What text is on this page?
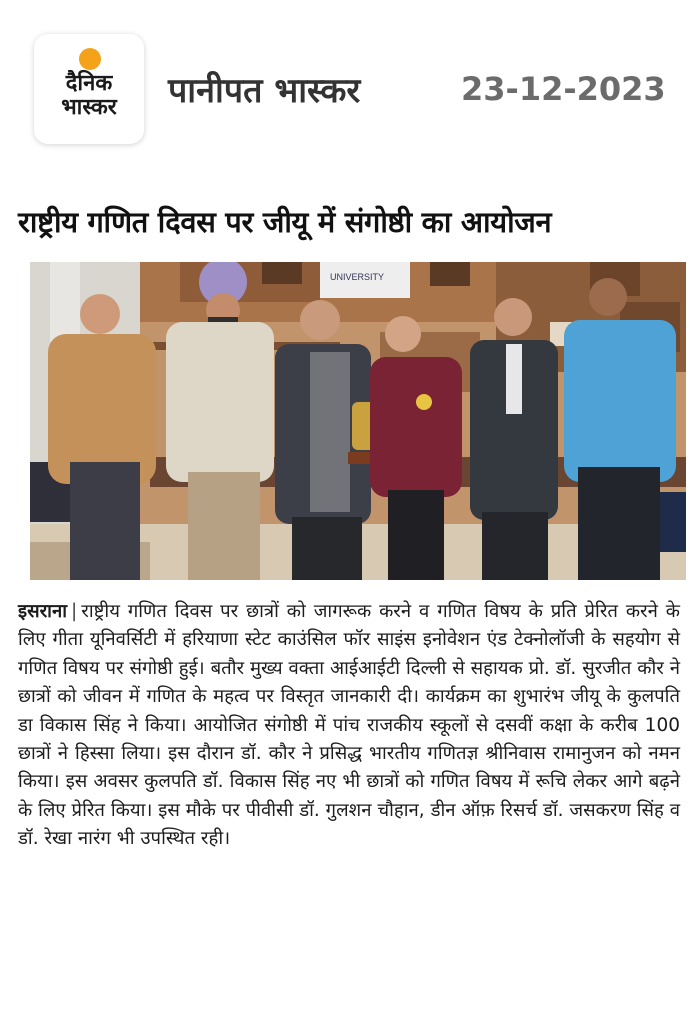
दैनिक
भास्कर	पानीपत भास्कर	23-12-2023
राष्ट्रीय गणित दिवस पर जीयू में संगोष्ठी का आयोजन
UNIVERSITY
इसराना | राष्ट्रीय गणित दिवस पर छात्रों को जागरूक करने व गणित विषय के प्रति प्रेरित करने के लिए गीता यूनिवर्सिटी में हरियाणा स्टेट काउंसिल फॉर साइंस इनोवेशन एंड टेक्नोलॉजी के सहयोग से गणित विषय पर संगोष्ठी हुई। बतौर मुख्य वक्ता आईआईटी दिल्ली से सहायक प्रो. डॉ. सुरजीत कौर ने छात्रों को जीवन में गणित के महत्व पर विस्तृत जानकारी दी। कार्यक्रम का शुभारंभ जीयू के कुलपति डा विकास सिंह ने किया। आयोजित संगोष्ठी में पांच राजकीय स्कूलों से दसवीं कक्षा के करीब 100 छात्रों ने हिस्सा लिया। इस दौरान डॉ. कौर ने प्रसिद्ध भारतीय गणितज्ञ श्रीनिवास रामानुजन को नमन किया। इस अवसर कुलपति डॉ. विकास सिंह नए भी छात्रों को गणित विषय में रूचि लेकर आगे बढ़ने के लिए प्रेरित किया। इस मौके पर पीवीसी डॉ. गुलशन चौहान, डीन ऑफ़ रिसर्च डॉ. जसकरण सिंह व डॉ. रेखा नारंग भी उपस्थित रही।
